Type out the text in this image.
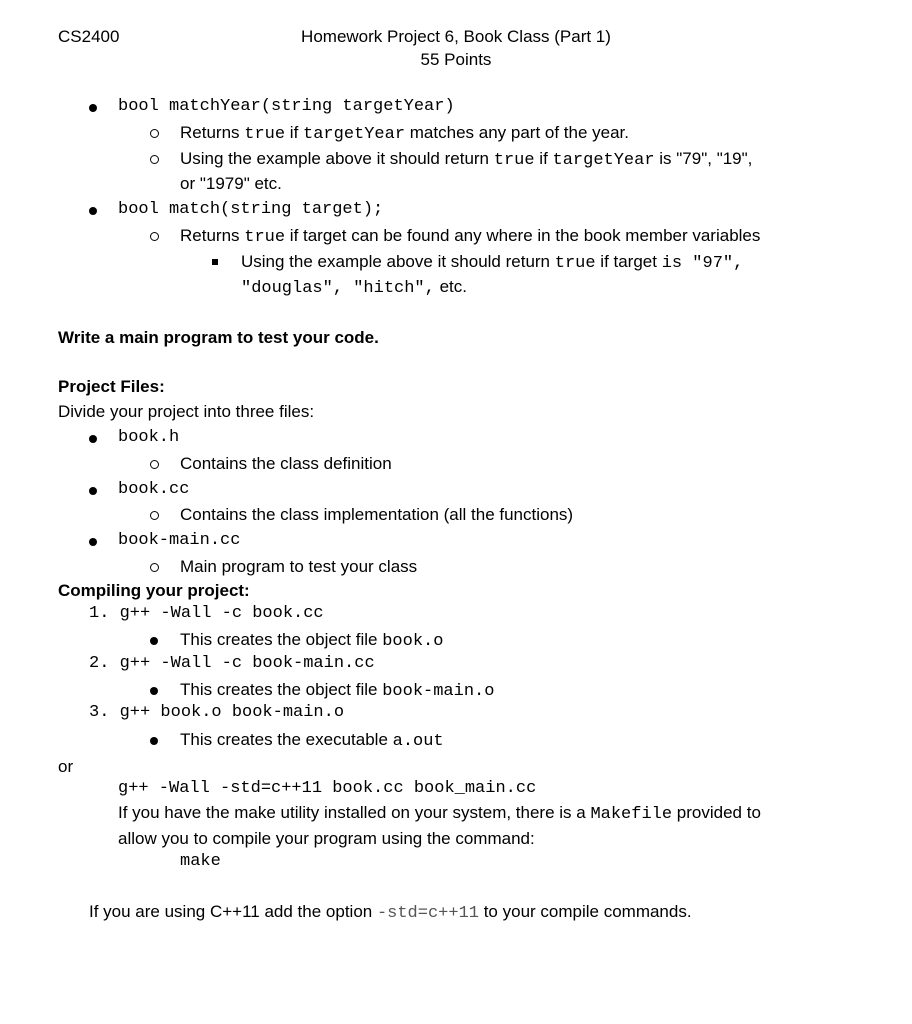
CS2400	Homework Project 6, Book Class (Part 1)
55 Points
bool matchYear(string targetYear)
Returns true if targetYear matches any part of the year.
Using the example above it should return true if targetYear is "79", "19",
or "1979" etc.
bool match(string target);
Returns true if target can be found any where in the book member variables
Using the example above it should return true if target is "97",
"douglas", "hitch", etc.
Write a main program to test your code.
Project Files:
Divide your project into three files:
book.h
Contains the class definition
book.cc
Contains the class implementation (all the functions)
book-main.cc
Main program to test your class
Compiling your project:
1. g++ -Wall -c book.cc
This creates the object file book.o
2. g++ -Wall -c book-main.cc
This creates the object file book-main.o
3. g++ book.o book-main.o
This creates the executable a.out
or
g++ -Wall -std=c++11 book.cc book_main.cc
If you have the make utility installed on your system, there is a Makefile provided to
allow you to compile your program using the command:
make
If you are using C++11 add the option -std=c++11 to your compile commands.
